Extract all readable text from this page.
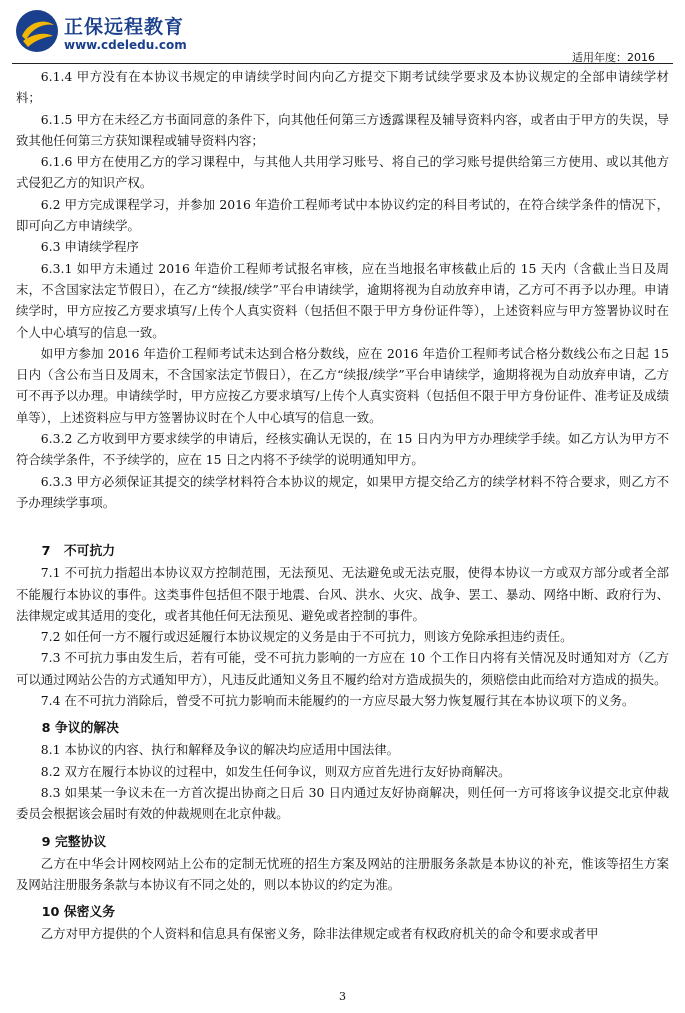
正保远程教育
www.cdeledu.com
适用年度：2016

6.1.4 甲方没有在本协议书规定的申请续学时间内向乙方提交下期考试续学要求及本协议规定的全部申请续学材料；

6.1.5 甲方在未经乙方书面同意的条件下，向其他任何第三方透露课程及辅导资料内容，或者由于甲方的失误，导致其他任何第三方获知课程或辅导资料内容；

6.1.6 甲方在使用乙方的学习课程中，与其他人共用学习账号、将自己的学习账号提供给第三方使用、或以其他方式侵犯乙方的知识产权。

6.2 甲方完成课程学习，并参加 2016 年造价工程师考试中本协议约定的科目考试的，在符合续学条件的情况下，即可向乙方申请续学。

6.3 申请续学程序

6.3.1 如甲方未通过 2016 年造价工程师考试报名审核，应在当地报名审核截止后的 15 天内（含截止当日及周末，不含国家法定节假日），在乙方“续报/续学”平台申请续学，逾期将视为自动放弃申请，乙方可不再予以办理。申请续学时，甲方应按乙方要求填写/上传个人真实资料（包括但不限于甲方身份证件等），上述资料应与甲方签署协议时在个人中心填写的信息一致。

如甲方参加 2016 年造价工程师考试未达到合格分数线，应在 2016 年造价工程师考试合格分数线公布之日起 15 日内（含公布当日及周末，不含国家法定节假日），在乙方“续报/续学”平台申请续学，逾期将视为自动放弃申请，乙方可不再予以办理。申请续学时，甲方应按乙方要求填写/上传个人真实资料（包括但不限于甲方身份证件、准考证及成绩单等），上述资料应与甲方签署协议时在个人中心填写的信息一致。

6.3.2 乙方收到甲方要求续学的申请后，经核实确认无误的，在 15 日内为甲方办理续学手续。如乙方认为甲方不符合续学条件，不予续学的，应在 15 日之内将不予续学的说明通知甲方。

6.3.3 甲方必须保证其提交的续学材料符合本协议的规定，如果甲方提交给乙方的续学材料不符合要求，则乙方不予办理续学事项。

7 不可抗力

7.1 不可抗力指超出本协议双方控制范围，无法预见、无法避免或无法克服，使得本协议一方或双方部分或者全部不能履行本协议的事件。这类事件包括但不限于地震、台风、洪水、火灾、战争、罢工、暴动、网络中断、政府行为、法律规定或其适用的变化，或者其他任何无法预见、避免或者控制的事件。

7.2 如任何一方不履行或迟延履行本协议规定的义务是由于不可抗力，则该方免除承担违约责任。

7.3 不可抗力事由发生后，若有可能，受不可抗力影响的一方应在 10 个工作日内将有关情况及时通知对方（乙方可以通过网站公告的方式通知甲方），凡违反此通知义务且不履约给对方造成损失的，须赔偿由此而给对方造成的损失。

7.4 在不可抗力消除后，曾受不可抗力影响而未能履约的一方应尽最大努力恢复履行其在本协议项下的义务。

8 争议的解决

8.1 本协议的内容、执行和解释及争议的解决均应适用中国法律。

8.2 双方在履行本协议的过程中，如发生任何争议，则双方应首先进行友好协商解决。

8.3 如果某一争议未在一方首次提出协商之日后 30 日内通过友好协商解决，则任何一方可将该争议提交北京仲裁委员会根据该会届时有效的仲裁规则在北京仲裁。

9 完整协议

乙方在中华会计网校网站上公布的定制无忧班的招生方案及网站的注册服务条款是本协议的补充，惟该等招生方案及网站注册服务条款与本协议有不同之处的，则以本协议的约定为准。

10 保密义务

乙方对甲方提供的个人资料和信息具有保密义务，除非法律规定或者有权政府机关的命令和要求或者甲

3
